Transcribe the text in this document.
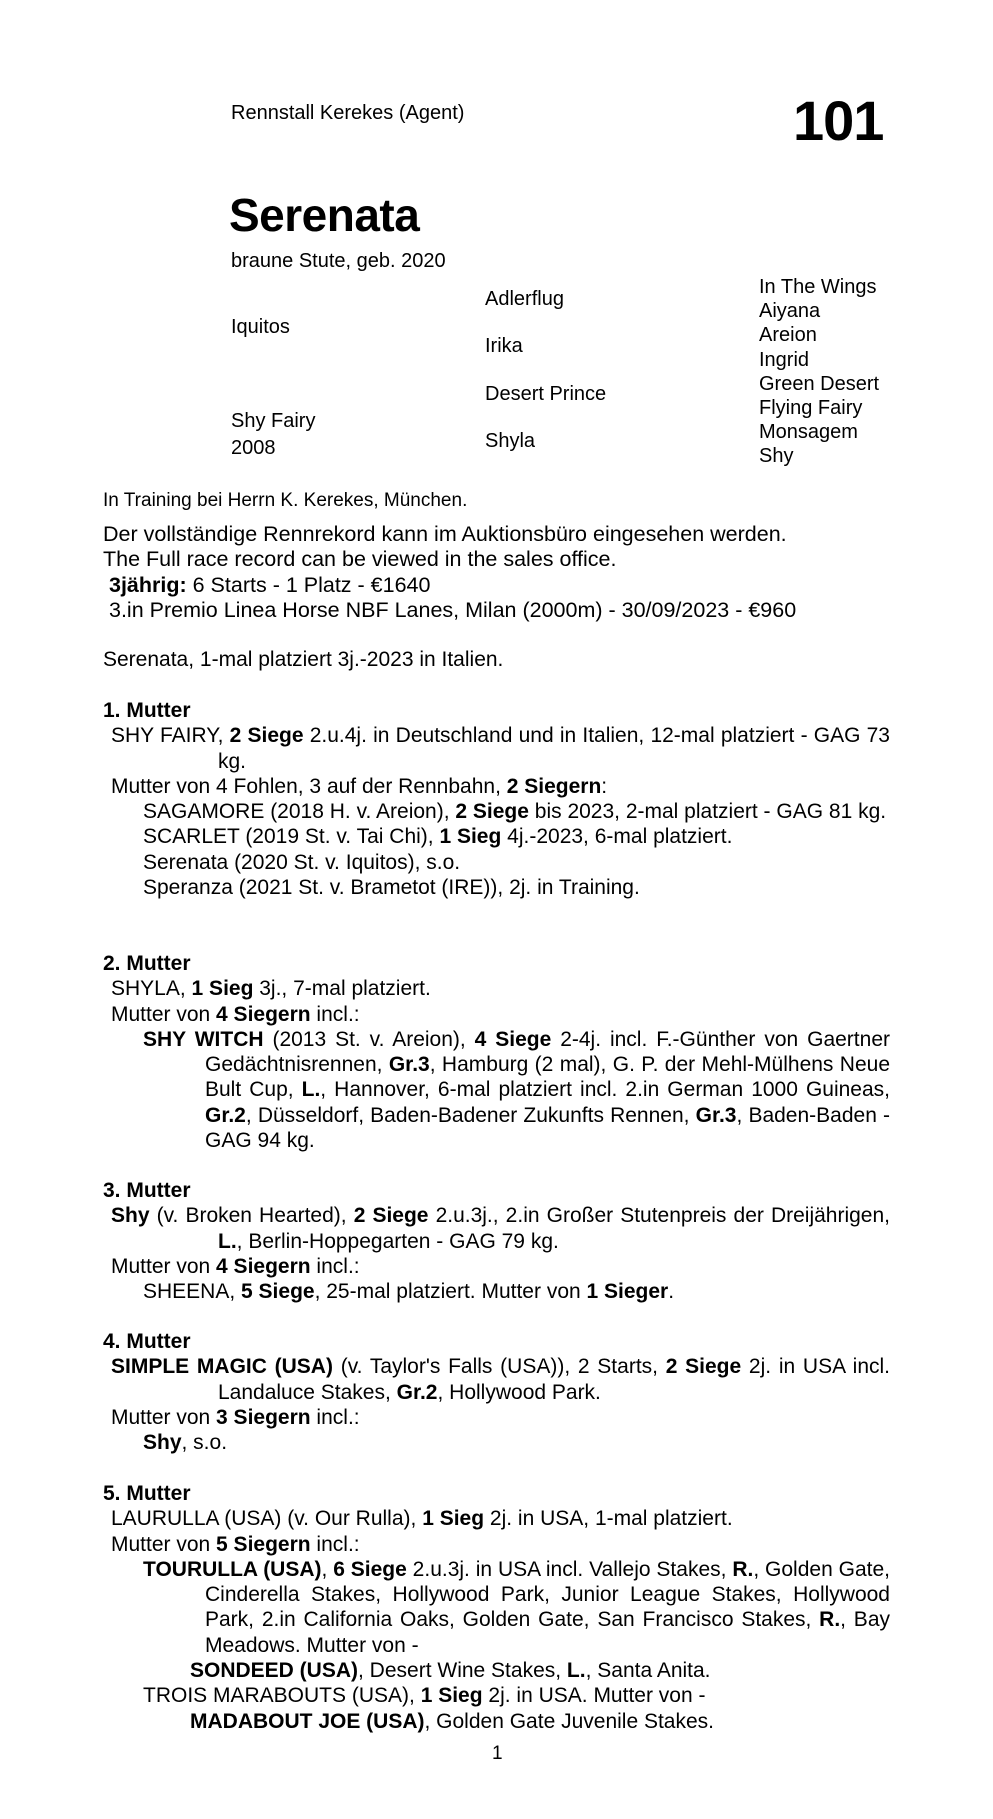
Rennstall Kerekes (Agent)	101
Serenata
braune Stute, geb. 2020
Iquitos
Shy Fairy
2008
Adlerflug
Irika
Desert Prince
Shyla
In The Wings
Aiyana
Areion
Ingrid
Green Desert
Flying Fairy
Monsagem
Shy
In Training bei Herrn K. Kerekes, München.
Der vollständige Rennrekord kann im Auktionsbüro eingesehen werden.
The Full race record can be viewed in the sales office.
3jährig: 6 Starts - 1 Platz - €1640
3.in Premio Linea Horse NBF Lanes, Milan (2000m) - 30/09/2023 - €960
Serenata, 1-mal platziert 3j.-2023 in Italien.
1. Mutter
SHY FAIRY, 2 Siege 2.u.4j. in Deutschland und in Italien, 12-mal platziert - GAG 73 kg.
Mutter von 4 Fohlen, 3 auf der Rennbahn, 2 Siegern:
SAGAMORE (2018 H. v. Areion), 2 Siege bis 2023, 2-mal platziert - GAG 81 kg.
SCARLET (2019 St. v. Tai Chi), 1 Sieg 4j.-2023, 6-mal platziert.
Serenata (2020 St. v. Iquitos), s.o.
Speranza (2021 St. v. Brametot (IRE)), 2j. in Training.
2. Mutter
SHYLA, 1 Sieg 3j., 7-mal platziert.
Mutter von 4 Siegern incl.:
SHY WITCH (2013 St. v. Areion), 4 Siege 2-4j. incl. F.-Günther von Gaertner Gedächtnisrennen, Gr.3, Hamburg (2 mal), G. P. der Mehl-Mülhens Neue Bult Cup, L., Hannover, 6-mal platziert incl. 2.in German 1000 Guineas, Gr.2, Düsseldorf, Baden-Badener Zukunfts Rennen, Gr.3, Baden-Baden - GAG 94 kg.
3. Mutter
Shy (v. Broken Hearted), 2 Siege 2.u.3j., 2.in Großer Stutenpreis der Dreijährigen, L., Berlin-Hoppegarten - GAG 79 kg.
Mutter von 4 Siegern incl.:
SHEENA, 5 Siege, 25-mal platziert. Mutter von 1 Sieger.
4. Mutter
SIMPLE MAGIC (USA) (v. Taylor's Falls (USA)), 2 Starts, 2 Siege 2j. in USA incl. Landaluce Stakes, Gr.2, Hollywood Park.
Mutter von 3 Siegern incl.:
Shy, s.o.
5. Mutter
LAURULLA (USA) (v. Our Rulla), 1 Sieg 2j. in USA, 1-mal platziert.
Mutter von 5 Siegern incl.:
TOURULLA (USA), 6 Siege 2.u.3j. in USA incl. Vallejo Stakes, R., Golden Gate, Cinderella Stakes, Hollywood Park, Junior League Stakes, Hollywood Park, 2.in California Oaks, Golden Gate, San Francisco Stakes, R., Bay Meadows. Mutter von -
SONDEED (USA), Desert Wine Stakes, L., Santa Anita.
TROIS MARABOUTS (USA), 1 Sieg 2j. in USA. Mutter von -
MADABOUT JOE (USA), Golden Gate Juvenile Stakes.
1
